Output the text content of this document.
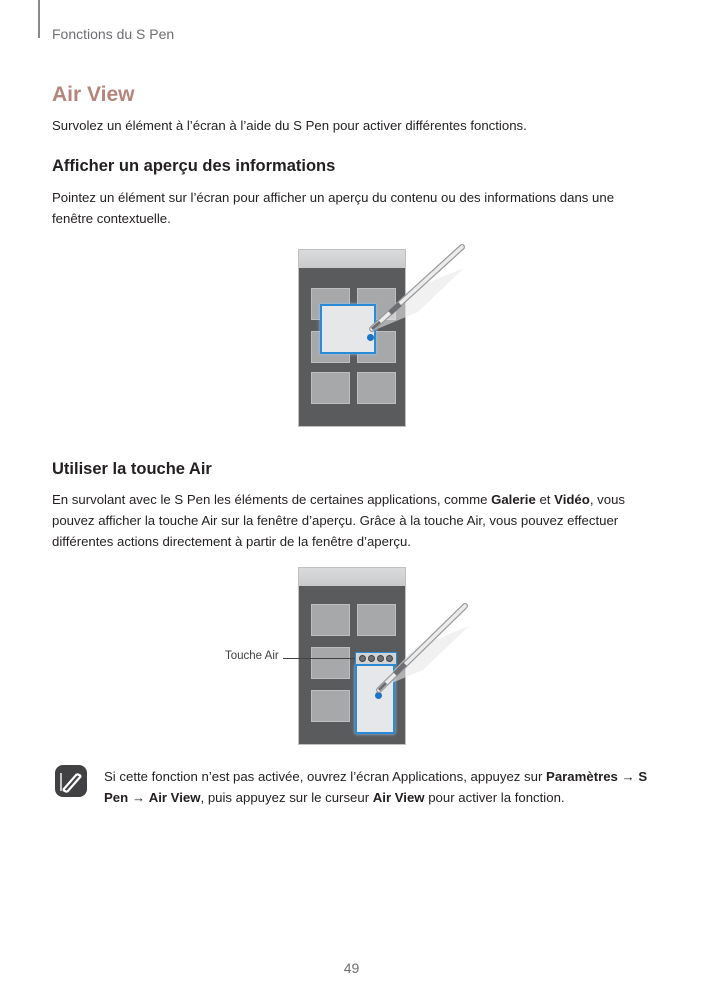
Fonctions du S Pen
Air View
Survolez un élément à l’écran à l’aide du S Pen pour activer différentes fonctions.
Afficher un aperçu des informations

Pointez un élément sur l’écran pour afficher un aperçu du contenu ou des informations dans une fenêtre contextuelle.

Utiliser la touche Air

En survolant avec le S Pen les éléments de certaines applications, comme Galerie et Vidéo, vous pouvez afficher la touche Air sur la fenêtre d’aperçu. Grâce à la touche Air, vous pouvez effectuer différentes actions directement à partir de la fenêtre d’aperçu.

Touche Air

Si cette fonction n’est pas activée, ouvrez l’écran Applications, appuyez sur Paramètres → S Pen → Air View, puis appuyez sur le curseur Air View pour activer la fonction.

49
